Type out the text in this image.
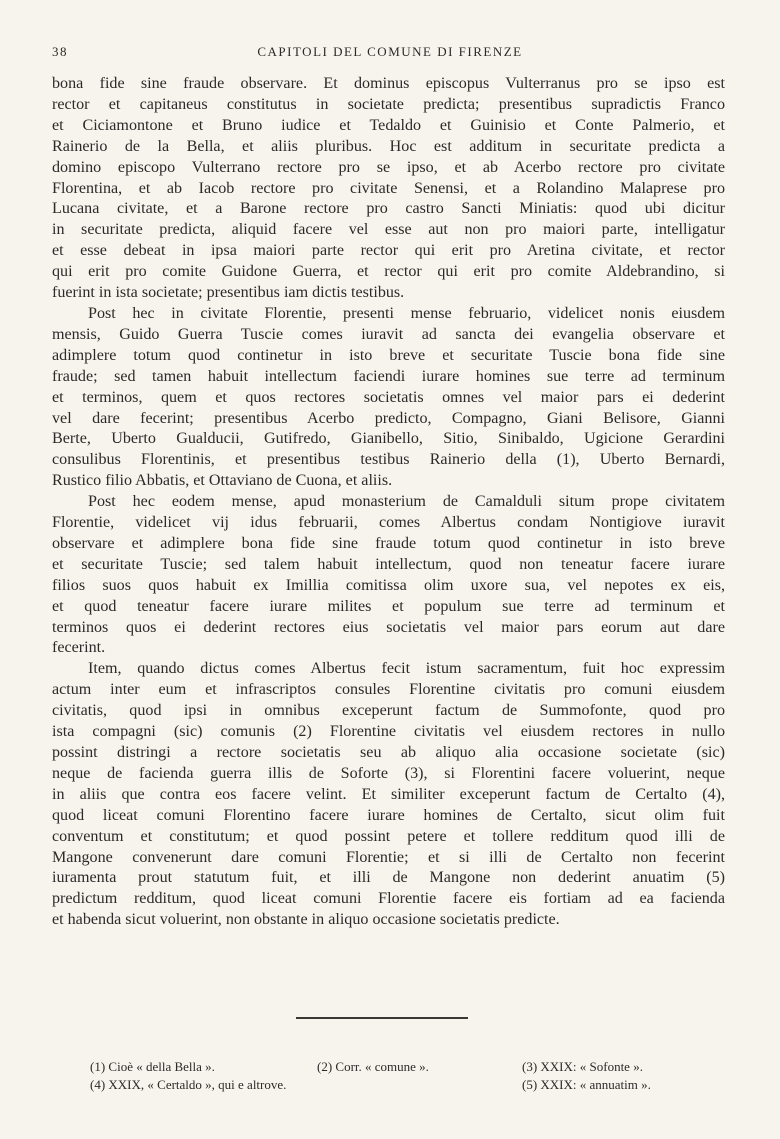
38	CAPITOLI DEL COMUNE DI FIRENZE
bona fide sine fraude observare. Et dominus episcopus Vulterranus pro se ipso est
rector et capitaneus constitutus in societate predicta; presentibus supradictis Franco
et Ciciamontone et Bruno iudice et Tedaldo et Guinisio et Conte Palmerio, et
Rainerio de la Bella, et aliis pluribus. Hoc est additum in securitate predicta a
domino episcopo Vulterrano rectore pro se ipso, et ab Acerbo rectore pro civitate
Florentina, et ab Iacob rectore pro civitate Senensi, et a Rolandino Malaprese pro
Lucana civitate, et a Barone rectore pro castro Sancti Miniatis: quod ubi dicitur
in securitate predicta, aliquid facere vel esse aut non pro maiori parte, intelligatur
et esse debeat in ipsa maiori parte rector qui erit pro Aretina civitate, et rector
qui erit pro comite Guidone Guerra, et rector qui erit pro comite Aldebrandino, si
fuerint in ista societate; presentibus iam dictis testibus.
Post hec in civitate Florentie, presenti mense februario, videlicet nonis eiusdem
mensis, Guido Guerra Tuscie comes iuravit ad sancta dei evangelia observare et
adimplere totum quod continetur in isto breve et securitate Tuscie bona fide sine
fraude; sed tamen habuit intellectum faciendi iurare homines sue terre ad terminum
et terminos, quem et quos rectores societatis omnes vel maior pars ei dederint
vel dare fecerint; presentibus Acerbo predicto, Compagno, Giani Belisore, Gianni
Berte, Uberto Gualducii, Gutifredo, Gianibello, Sitio, Sinibaldo, Ugicione Gerardini
consulibus Florentinis, et presentibus testibus Rainerio della (1), Uberto Bernardi,
Rustico filio Abbatis, et Ottaviano de Cuona, et aliis.
Post hec eodem mense, apud monasterium de Camalduli situm prope civitatem
Florentie, videlicet vij idus februarii, comes Albertus condam Nontigiove iuravit
observare et adimplere bona fide sine fraude totum quod continetur in isto breve
et securitate Tuscie; sed talem habuit intellectum, quod non teneatur facere iurare
filios suos quos habuit ex Imillia comitissa olim uxore sua, vel nepotes ex eis,
et quod teneatur facere iurare milites et populum sue terre ad terminum et
terminos quos ei dederint rectores eius societatis vel maior pars eorum aut dare
fecerint.
Item, quando dictus comes Albertus fecit istum sacramentum, fuit hoc expressim
actum inter eum et infrascriptos consules Florentine civitatis pro comuni eiusdem
civitatis, quod ipsi in omnibus exceperunt factum de Summofonte, quod pro
ista compagni (sic) comunis (2) Florentine civitatis vel eiusdem rectores in nullo
possint distringi a rectore societatis seu ab aliquo alia occasione societate (sic)
neque de facienda guerra illis de Soforte (3), si Florentini facere voluerint, neque
in aliis que contra eos facere velint. Et similiter exceperunt factum de Certalto (4),
quod liceat comuni Florentino facere iurare homines de Certalto, sicut olim fuit
conventum et constitutum; et quod possint petere et tollere redditum quod illi de
Mangone convenerunt dare comuni Florentie; et si illi de Certalto non fecerint
iuramenta prout statutum fuit, et illi de Mangone non dederint anuatim (5)
predictum redditum, quod liceat comuni Florentie facere eis fortiam ad ea facienda
et habenda sicut voluerint, non obstante in aliquo occasione societatis predicte.
(1) Cioè « della Bella ».	(2) Corr. « comune ».	(3) XXIX: « Sofonte ».
(4) XXIX, « Certaldo », qui e altrove.	(5) XXIX: « annuatim ».
